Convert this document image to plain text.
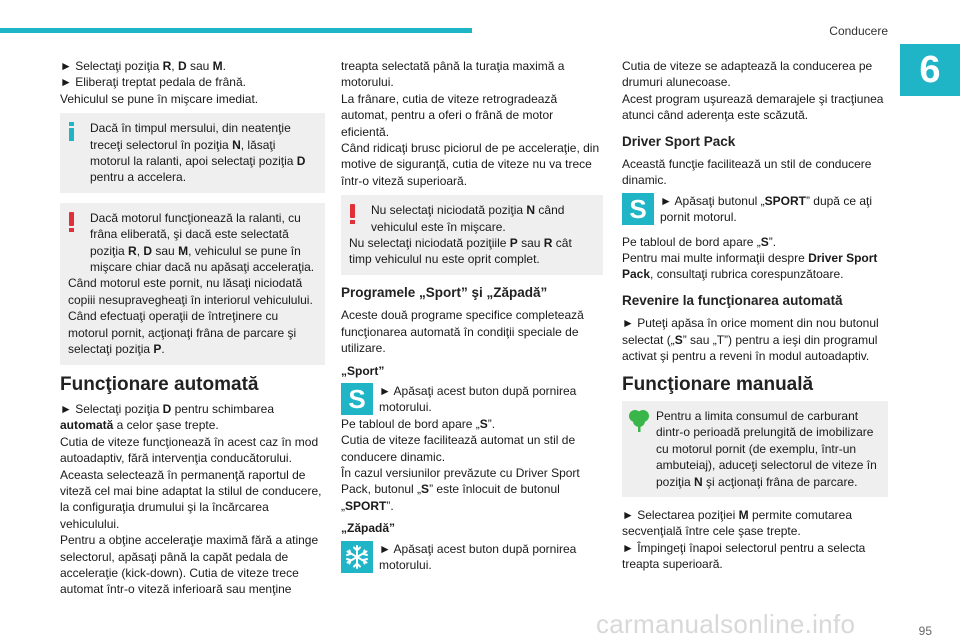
Conducere
6

► Selectaţi poziţia R, D sau M.

► Eliberaţi treptat pedala de frână.

Vehiculul se pune în mişcare imediat.

Dacă în timpul mersului, din neatenţie treceţi selectorul în poziţia N, lăsaţi motorul la ralanti, apoi selectaţi poziţia D pentru a accelera.

Dacă motorul funcţionează la ralanti, cu frâna eliberată, şi dacă este selectată poziţia R, D sau M, vehiculul se pune în mişcare chiar dacă nu apăsaţi acceleraţia.

Când motorul este pornit, nu lăsaţi niciodată copiii nesupravegheaţi în interiorul vehiculului.

Când efectuaţi operaţii de întreţinere cu motorul pornit, acţionaţi frâna de parcare şi selectaţi poziţia P.

Funcţionare automată

► Selectaţi poziţia D pentru schimbarea automată a celor şase trepte.

Cutia de viteze funcţionează în acest caz în mod autoadaptiv, fără intervenţia conducătorului.

Aceasta selectează în permanenţă raportul de viteză cel mai bine adaptat la stilul de conducere, la configuraţia drumului şi la încărcarea vehiculului.

Pentru a obţine acceleraţie maximă fără a atinge selectorul, apăsaţi până la capăt pedala de acceleraţie (kick-down). Cutia de viteze trece automat într-o viteză inferioară sau menţine

treapta selectată până la turaţia maximă a motorului.

La frânare, cutia de viteze retrogradează automat, pentru a oferi o frână de motor eficientă.

Când ridicaţi brusc piciorul de pe acceleraţie, din motive de siguranţă, cutia de viteze nu va trece într-o viteză superioară.

Nu selectaţi niciodată poziţia N când vehiculul este în mişcare.

Nu selectaţi niciodată poziţiile P sau R cât timp vehiculul nu este oprit complet.

Programele „Sport” şi „Zăpadă”

Aceste două programe specifice completează funcţionarea automată în condiţii speciale de utilizare.

„Sport”
S	► Apăsaţi acest buton după pornirea motorului.

Pe tabloul de bord apare „S”.

Cutia de viteze facilitează automat un stil de conducere dinamic.

În cazul versiunilor prevăzute cu Driver Sport Pack, butonul „S” este înlocuit de butonul „SPORT”.

„Zăpadă”

► Apăsaţi acest buton după pornirea motorului.

Cutia de viteze se adaptează la conducerea pe drumuri alunecoase.

Acest program uşurează demarajele şi tracţiunea atunci când aderenţa este scăzută.

Driver Sport Pack

Această funcţie facilitează un stil de conducere dinamic.

S	► Apăsaţi butonul „SPORT” după ce aţi pornit motorul.

Pe tabloul de bord apare „S”.

Pentru mai multe informaţii despre Driver Sport Pack, consultaţi rubrica corespunzătoare.

Revenire la funcţionarea automată

► Puteţi apăsa în orice moment din nou butonul selectat („S” sau „T”) pentru a ieşi din programul activat şi pentru a reveni în modul autoadaptiv.

Funcţionare manuală

Pentru a limita consumul de carburant dintr-o perioadă prelungită de imobilizare cu motorul pornit (de exemplu, într-un ambuteiaj), aduceţi selectorul de viteze în poziţia N şi acţionaţi frâna de parcare.

► Selectarea poziţiei M permite comutarea secvenţială între cele şase trepte.

► Împingeţi înapoi selectorul pentru a selecta treapta superioară.

carmanualsonline.info	95
